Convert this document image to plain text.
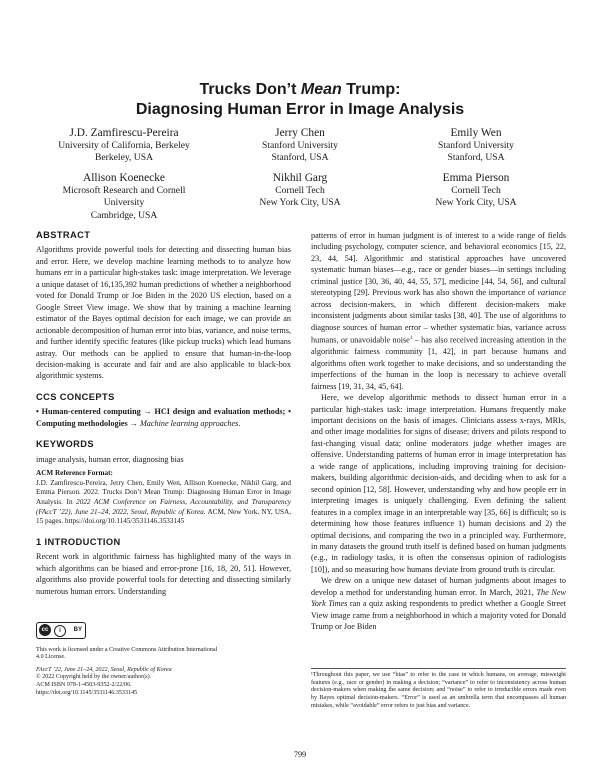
Trucks Don’t Mean Trump:
Diagnosing Human Error in Image Analysis
J.D. Zamfirescu-Pereira
University of California, Berkeley
Berkeley, USA
Jerry Chen
Stanford University
Stanford, USA
Emily Wen
Stanford University
Stanford, USA
Allison Koenecke
Microsoft Research and Cornell
University
Cambridge, USA
Nikhil Garg
Cornell Tech
New York City, USA
Emma Pierson
Cornell Tech
New York City, USA
ABSTRACT

Algorithms provide powerful tools for detecting and dissecting human bias and error. Here, we develop machine learning methods to to analyze how humans err in a particular high-stakes task: image interpretation. We leverage a unique dataset of 16,135,392 human predictions of whether a neighborhood voted for Donald Trump or Joe Biden in the 2020 US election, based on a Google Street View image. We show that by training a machine learning estimator of the Bayes optimal decision for each image, we can provide an actionable decomposition of human error into bias, variance, and noise terms, and further identify specific features (like pickup trucks) which lead humans astray. Our methods can be applied to ensure that human-in-the-loop decision-making is accurate and fair and are also applicable to black-box algorithmic systems.

CCS CONCEPTS

• Human-centered computing → HCI design and evaluation methods; • Computing methodologies → Machine learning approaches.

KEYWORDS

image analysis, human error, diagnosing bias

ACM Reference Format:
J.D. Zamfirescu-Pereira, Jerry Chen, Emily Wen, Allison Koenecke, Nikhil Garg, and Emma Pierson. 2022. Trucks Don’t Mean Trump: Diagnosing Human Error in Image Analysis. In 2022 ACM Conference on Fairness, Accountability, and Transparency (FAccT ’22), June 21–24, 2022, Seoul, Republic of Korea. ACM, New York, NY, USA, 15 pages. https://doi.org/10.1145/3531146.3533145
1 INTRODUCTION

Recent work in algorithmic fairness has highlighted many of the ways in which algorithms can be biased and error-prone [16, 18, 20, 51]. However, algorithms also provide powerful tools for detecting and dissecting similarly numerous human errors. Understanding

cc	i	BY
This work is licensed under a Creative Commons Attribution International
4.0 License.
FAccT ’22, June 21–24, 2022, Seoul, Republic of Korea
© 2022 Copyright held by the owner/author(s).
ACM ISBN 978-1-4503-9352-2/22/06.
https://doi.org/10.1145/3531146.3533145

patterns of error in human judgment is of interest to a wide range of fields including psychology, computer science, and behavioral economics [15, 22, 23, 44, 54]. Algorithmic and statistical approaches have uncovered systematic human biases—e.g., race or gender biases—in settings including criminal justice [30, 36, 40, 44, 55, 57], medicine [44, 54, 56], and cultural stereotyping [29]. Previous work has also shown the importance of variance across decision-makers, in which different decision-makers make inconsistent judgments about similar tasks [38, 40]. The use of algorithms to diagnose sources of human error – whether systematic bias, variance across humans, or unavoidable noise$^1$ – has also received increasing attention in the algorithmic fairness community [1, 42], in part because humans and algorithms often work together to make decisions, and so understanding the imperfections of the human in the loop is necessary to achieve overall fairness [19, 31, 34, 45, 64].

Here, we develop algorithmic methods to dissect human error in a particular high-stakes task: image interpretation. Humans frequently make important decisions on the basis of images. Clinicians assess x-rays, MRIs, and other image modalities for signs of disease; drivers and pilots respond to fast-changing visual data; online moderators judge whether images are offensive. Understanding patterns of human error in image interpretation has a wide range of applications, including improving training for decision-makers, building algorithmic decision-aids, and deciding when to ask for a second opinion [12, 58]. However, understanding why and how people err in interpreting images is uniquely challenging. Even defining the salient features in a complex image in an interpretable way [35, 66] is difficult; so is determining how those features influence 1) human decisions and 2) the optimal decisions, and comparing the two in a principled way. Furthermore, in many datasets the ground truth itself is defined based on human judgments (e.g., in radiology tasks, it is often the consensus opinion of radiologists [10]), and so measuring how humans deviate from ground truth is circular.

We drew on a unique new dataset of human judgments about images to develop a method for understanding human error. In March, 2021, The New York Times ran a quiz asking respondents to predict whether a Google Street View image came from a neighborhood in which a majority voted for Donald Trump or Joe Biden

¹Throughout this paper, we use “bias” to refer to the case in which humans, on average, misweight features (e.g., race or gender) in making a decision; “variance” to refer to inconsistency across human decision-makers when making the same decision; and “noise” to refer to irreducible errors made even by Bayes optimal decision-makers. “Error” is used as an umbrella term that encompasses all human mistakes, while “avoidable” error refers to just bias and variance.
799
